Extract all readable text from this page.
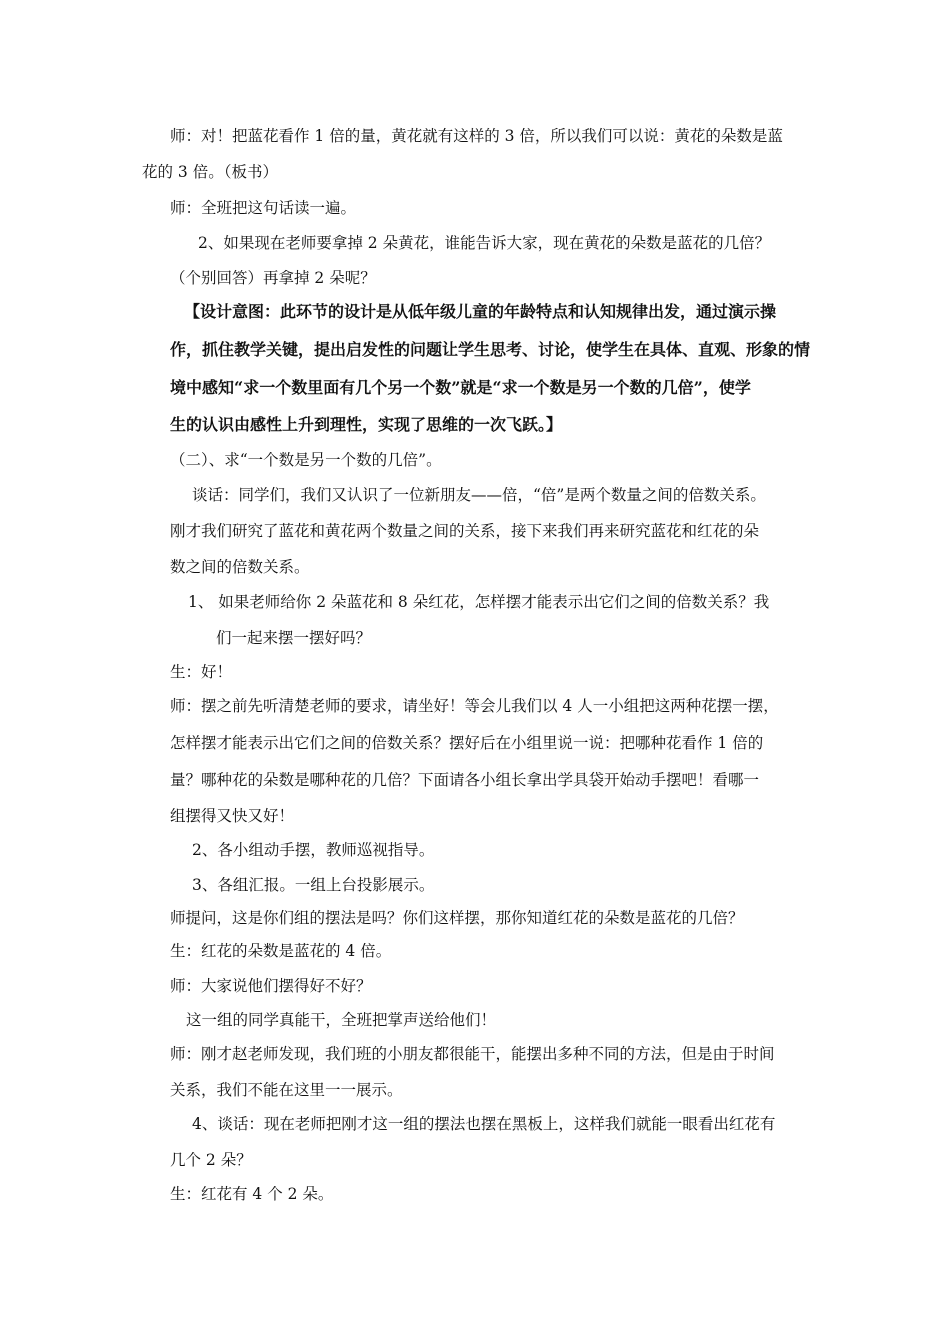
师：对！把蓝花看作 1 倍的量，黄花就有这样的 3 倍，所以我们可以说：黄花的朵数是蓝

花的 3 倍。（板书）

师：全班把这句话读一遍。

2、如果现在老师要拿掉 2 朵黄花，谁能告诉大家，现在黄花的朵数是蓝花的几倍？

（个别回答）再拿掉 2 朵呢？

【设计意图：此环节的设计是从低年级儿童的年龄特点和认知规律出发，通过演示操

作，抓住教学关键，提出启发性的问题让学生思考、讨论，使学生在具体、直观、形象的情

境中感知“求一个数里面有几个另一个数”就是“求一个数是另一个数的几倍”，使学

生的认识由感性上升到理性，实现了思维的一次飞跃。】

（二）、求“一个数是另一个数的几倍”。

谈话：同学们，我们又认识了一位新朋友——倍，“倍”是两个数量之间的倍数关系。

刚才我们研究了蓝花和黄花两个数量之间的关系，接下来我们再来研究蓝花和红花的朵

数之间的倍数关系。

1、 如果老师给你 2 朵蓝花和 8 朵红花，怎样摆才能表示出它们之间的倍数关系？我

们一起来摆一摆好吗？

生：好！

师：摆之前先听清楚老师的要求，请坐好！等会儿我们以 4 人一小组把这两种花摆一摆，

怎样摆才能表示出它们之间的倍数关系？摆好后在小组里说一说：把哪种花看作 1 倍的

量？哪种花的朵数是哪种花的几倍？下面请各小组长拿出学具袋开始动手摆吧！看哪一

组摆得又快又好！

2、各小组动手摆，教师巡视指导。

3、各组汇报。一组上台投影展示。

师提问，这是你们组的摆法是吗？你们这样摆，那你知道红花的朵数是蓝花的几倍？

生：红花的朵数是蓝花的 4 倍。

师：大家说他们摆得好不好？

这一组的同学真能干，全班把掌声送给他们！

师：刚才赵老师发现，我们班的小朋友都很能干，能摆出多种不同的方法，但是由于时间

关系，我们不能在这里一一展示。

4、谈话：现在老师把刚才这一组的摆法也摆在黑板上，这样我们就能一眼看出红花有

几个 2 朵？

生：红花有 4 个 2 朵。
